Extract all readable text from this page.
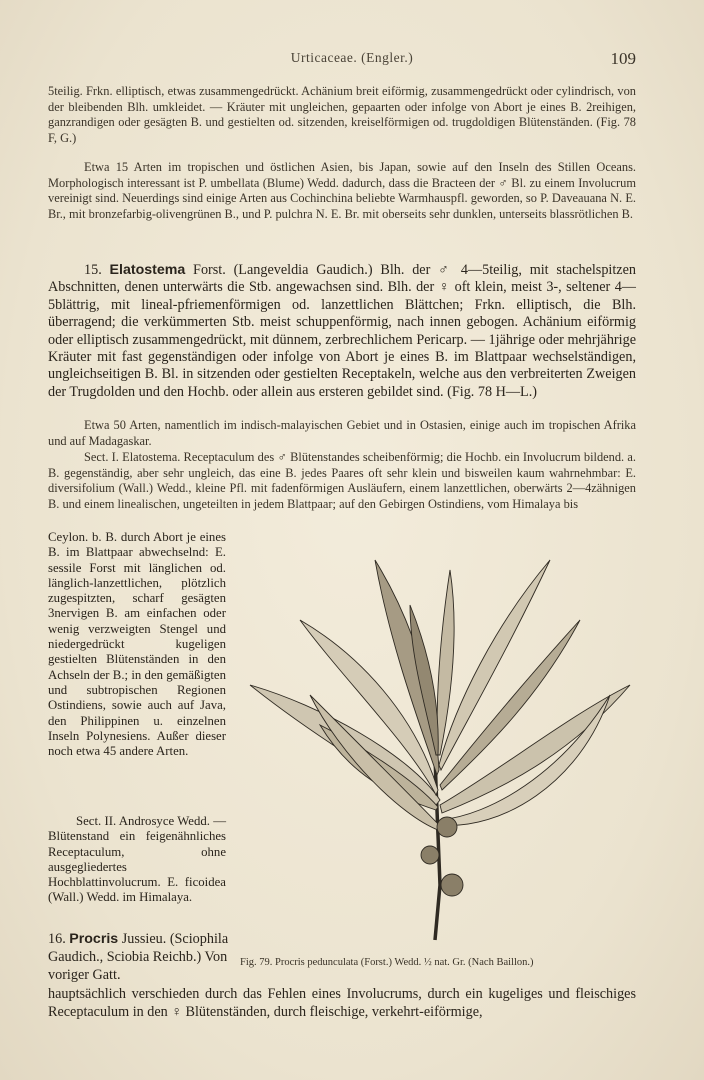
Urticaceae. (Engler.)	109
5teilig. Frkn. elliptisch, etwas zusammengedrückt. Achänium breit eiförmig, zusammengedrückt oder cylindrisch, von der bleibenden Blh. umkleidet. — Kräuter mit ungleichen, gepaarten oder infolge von Abort je eines B. 2reihigen, ganzrandigen oder gesägten B. und gestielten od. sitzenden, kreiselförmigen od. trugdoldigen Blütenständen. (Fig. 78 F, G.)
Etwa 15 Arten im tropischen und östlichen Asien, bis Japan, sowie auf den Inseln des Stillen Oceans. Morphologisch interessant ist P. umbellata (Blume) Wedd. dadurch, dass die Bracteen der ♂ Bl. zu einem Involucrum vereinigt sind. Neuerdings sind einige Arten aus Cochinchina beliebte Warmhauspfl. geworden, so P. Daveauana N. E. Br., mit bronzefarbig-olivengrünen B., und P. pulchra N. E. Br. mit oberseits sehr dunklen, unterseits blassrötlichen B.
15. Elatostema Forst. (Langeveldia Gaudich.) Blh. der ♂ 4—5teilig, mit stachelspitzen Abschnitten, denen unterwärts die Stb. angewachsen sind. Blh. der ♀ oft klein, meist 3-, seltener 4—5blättrig, mit lineal-pfriemenförmigen od. lanzettlichen Blättchen; Frkn. elliptisch, die Blh. überragend; die verkümmerten Stb. meist schuppenförmig, nach innen gebogen. Achänium eiförmig oder elliptisch zusammengedrückt, mit dünnem, zerbrechlichem Pericarp. — 1jährige oder mehrjährige Kräuter mit fast gegenständigen oder infolge von Abort je eines B. im Blattpaar wechselständigen, ungleichseitigen B. Bl. in sitzenden oder gestielten Receptakeln, welche aus den verbreiterten Zweigen der Trugdolden und den Hochb. oder allein aus ersteren gebildet sind. (Fig. 78 H—L.)
Etwa 50 Arten, namentlich im indisch-malayischen Gebiet und in Ostasien, einige auch im tropischen Afrika und auf Madagaskar.
Sect. I. Elatostema. Receptaculum des ♂ Blütenstandes scheibenförmig; die Hochb. ein Involucrum bildend. a. B. gegenständig, aber sehr ungleich, das eine B. jedes Paares oft sehr klein und bisweilen kaum wahrnehmbar: E. diversifolium (Wall.) Wedd., kleine Pfl. mit fadenförmigen Ausläufern, einem lanzettlichen, oberwärts 2—4zähnigen B. und einem linealischen, ungeteilten in jedem Blattpaar; auf den Gebirgen Ostindiens, vom Himalaya bis
Ceylon. b. B. durch Abort je eines B. im Blattpaar abwechselnd: E. sessile Forst mit länglichen od. länglich-lanzettlichen, plötzlich zugespitzten, scharf gesägten 3nervigen B. am einfachen oder wenig verzweigten Stengel und niedergedrückt kugeligen gestielten Blütenständen in den Achseln der B.; in den gemäßigten und subtropischen Regionen Ostindiens, sowie auch auf Java, den Philippinen u. einzelnen Inseln Polynesiens. Außer dieser noch etwa 45 andere Arten.
Sect. II. Androsyce Wedd. — Blütenstand ein feigenähnliches Receptaculum, ohne ausgegliedertes Hochblattinvolucrum. E. ficoidea (Wall.) Wedd. im Himalaya.
16. Procris Jussieu. (Sciophila Gaudich., Sciobia Reichb.) Von voriger Gatt.
Fig. 79. Procris pedunculata (Forst.) Wedd. ½ nat. Gr. (Nach Baillon.)
hauptsächlich verschieden durch das Fehlen eines Involucrums, durch ein kugeliges und fleischiges Receptaculum in den ♀ Blütenständen, durch fleischige, verkehrt-eiförmige,
